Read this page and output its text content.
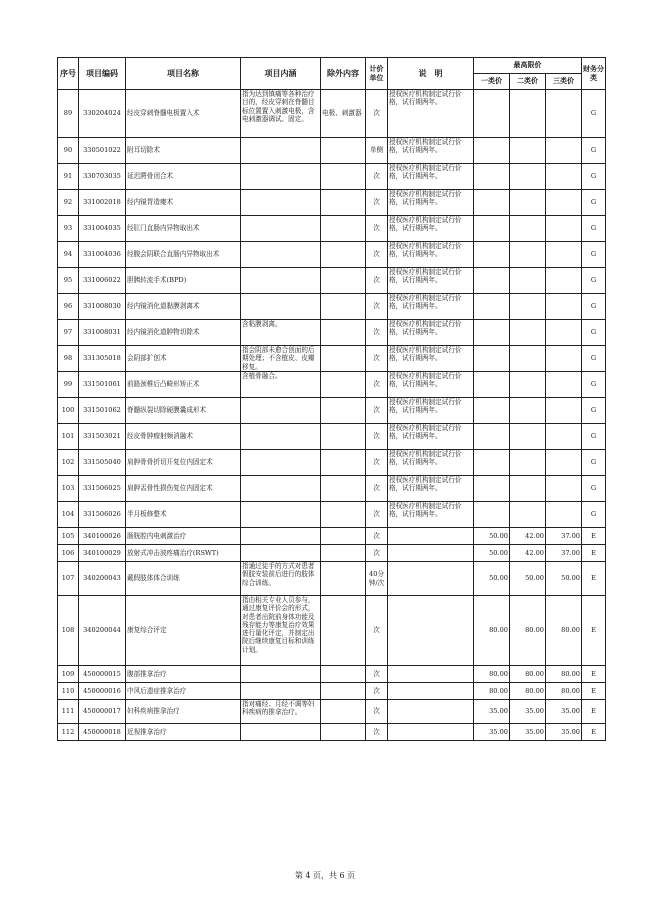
序号	项目编码	项目名称	项目内涵	除外内容	计价单位	说　明	最高限价			财务分类
							一类价	二类价	三类价	
89	330204024	经皮穿刺脊髓电极置入术	指为达到镇痛等各种治疗目的，经皮穿刺在脊髓目标位置置入刺激电极，含电刺激器调试、固定。	电极、刺激器	次	授权医疗机构制定试行价格，试行期两年。				G
90	330501022	附耳切除术			单侧	授权医疗机构制定试行价格，试行期两年。				G
91	330703035	延迟腭骨闭合术			次	授权医疗机构制定试行价格，试行期两年。				G
92	331002018	经内镜胃造瘘术			次	授权医疗机构制定试行价格，试行期两年。				G
93	331004035	经肛门直肠内异物取出术			次	授权医疗机构制定试行价格，试行期两年。				G
94	331004036	经腹会阴联合直肠内异物取出术			次	授权医疗机构制定试行价格，试行期两年。				G
95	331006022	胆胰转流手术(BPD)			次	授权医疗机构制定试行价格，试行期两年。				G
96	331008030	经内镜消化道黏膜剥离术			次	授权医疗机构制定试行价格，试行期两年。				G
97	331008031	经内镜消化道肿物切除术	含粘膜剥离。		次	授权医疗机构制定试行价格，试行期两年。				G
98	331305018	会阴部扩创术	指会阴部未愈合创面的后期处理；不含植皮、皮瓣移复。		次	授权医疗机构制定试行价格，试行期两年。				G
99	331501061	前路颈椎后凸畸形矫正术	含植骨融合。		次	授权医疗机构制定试行价格，试行期两年。				G
100	331501062	脊髓纵裂切除硬膜囊成形术			次	授权医疗机构制定试行价格，试行期两年。				G
101	331503021	经皮骨肿瘤射频消融术			次	授权医疗机构制定试行价格，试行期两年。				G
102	331505040	肩胛骨骨折切开复位内固定术			次	授权医疗机构制定试行价格，试行期两年。				G
103	331506025	肩胛盂骨性损伤复位内固定术			次	授权医疗机构制定试行价格，试行期两年。				G
104	331506026	半月板修整术			次	授权医疗机构制定试行价格，试行期两年。				G
105	340100026	肠胱腔内电刺激治疗			次		50.00	42.00	37.00	E
106	340100029	放射式冲击波疼痛治疗(RSWT)			次		50.00	42.00	37.00	E
107	340200043	戴假肢体体合训练	指通过徒手的方式对患者假肢安装前后进行的肢体综合训练。		40分钟/次		50.00	50.00	50.00	E
108	340200044	康复综合评定	指由相关专业人员参与，通过康复评价会的形式，对患者出院前身体功能及残存能力等康复治疗效果进行量化评定，并制定出院后继续康复目标和训练计划。		次		80.00	80.00	80.00	E
109	450000015	腹部推拿治疗			次		80.00	80.00	80.00	E
110	450000016	中风后遗症推拿治疗			次		80.00	80.00	80.00	E
111	450000017	妇科疾病推拿治疗	指对痛经、月经不调等妇科疾病的推拿治疗。		次		35.00	35.00	35.00	E
112	450000018	近视推拿治疗			次		35.00	35.00	35.00	E
第 4 页，共 6 页
